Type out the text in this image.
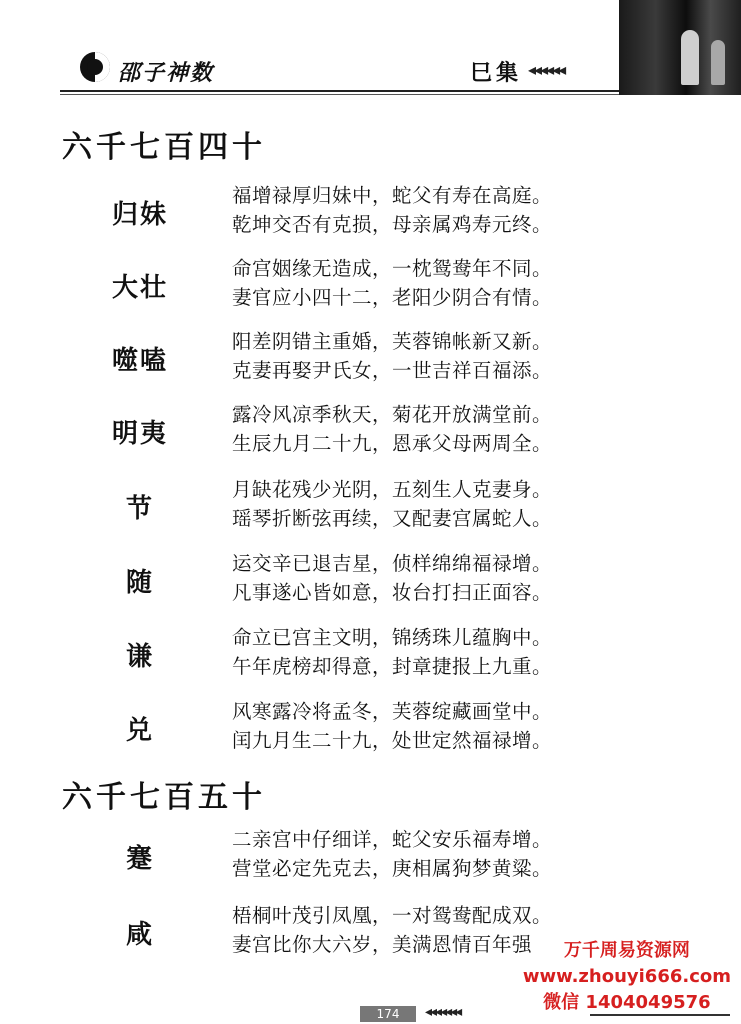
邵子神数	巳集 ◂◂◂◂◂◂
六千七百四十
归妹
福增禄厚归妹中，蛇父有寿在高庭。
乾坤交否有克损，母亲属鸡寿元终。
大壮
命宫姻缘无造成，一枕鸳鸯年不同。
妻官应小四十二，老阳少阴合有情。
噬嗑
阳差阴错主重婚，芙蓉锦帐新又新。
克妻再娶尹氏女，一世吉祥百福添。
明夷
露冷风凉季秋天，菊花开放满堂前。
生辰九月二十九，恩承父母两周全。
节
月缺花残少光阴，五刻生人克妻身。
瑶琴折断弦再续，又配妻宫属蛇人。
随
运交辛已退吉星，侦样绵绵福禄增。
凡事遂心皆如意，妆台打扫正面容。
谦
命立已宫主文明，锦绣珠儿蕴胸中。
午年虎榜却得意，封章捷报上九重。
兑
风寒露冷将孟冬，芙蓉绽藏画堂中。
闰九月生二十九，处世定然福禄增。
六千七百五十
蹇
二亲宫中仔细详，蛇父安乐福寿增。
营堂必定先克去，庚相属狗梦黄粱。
咸
梧桐叶茂引凤凰，一对鸳鸯配成双。
妻宫比你大六岁，美满恩情百年强	万千周易资源网
www.zhouyi666.com
微信 1404049576
174	◂◂◂◂◂◂◂
